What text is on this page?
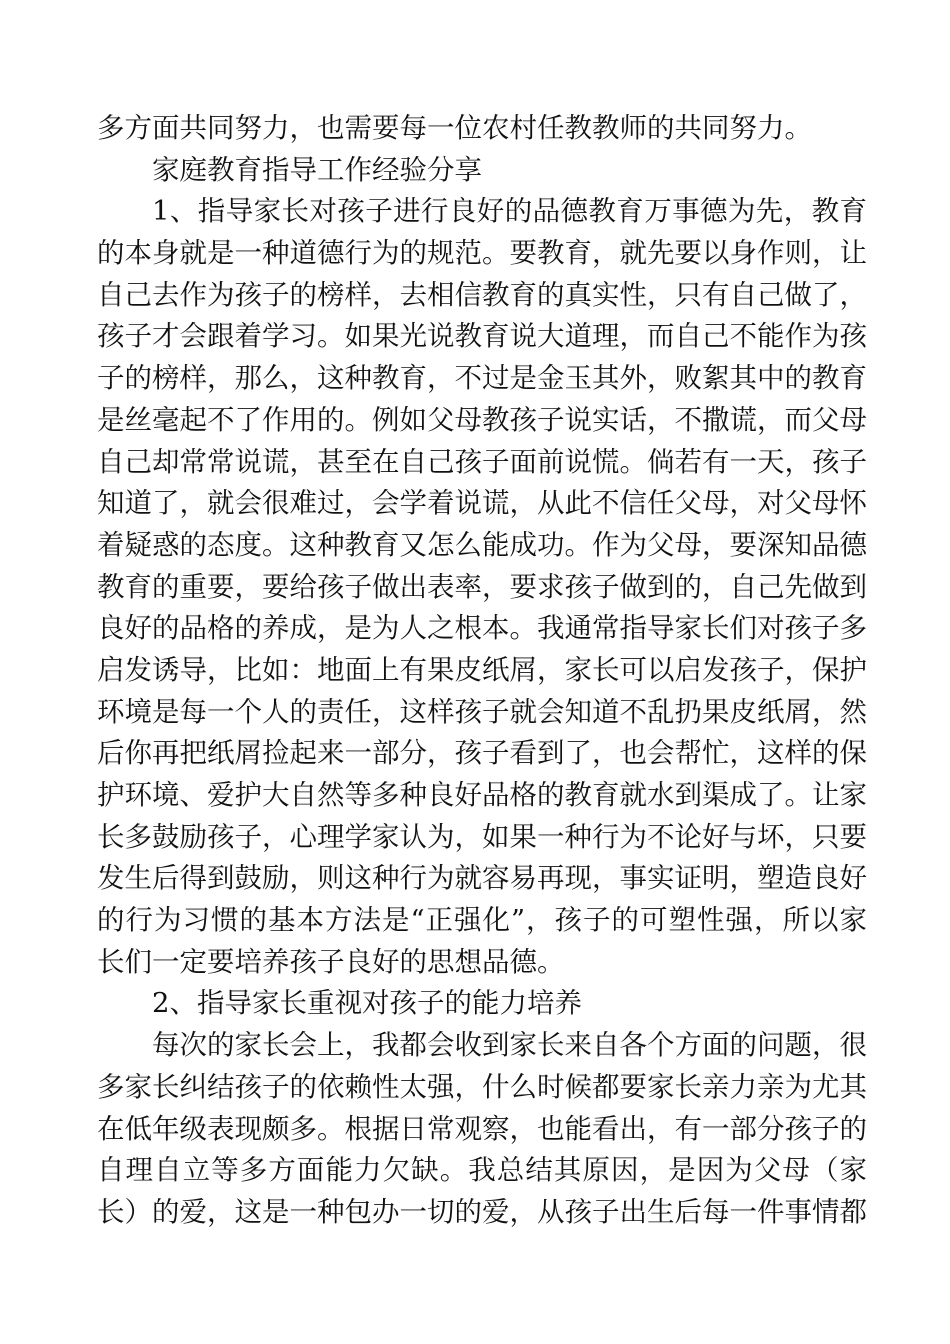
多方面共同努力，也需要每一位农村任教教师的共同努力。
家庭教育指导工作经验分享
1、指导家长对孩子进行良好的品德教育万事德为先，教育
的本身就是一种道德行为的规范。要教育，就先要以身作则，让
自己去作为孩子的榜样，去相信教育的真实性，只有自己做了，
孩子才会跟着学习。如果光说教育说大道理，而自己不能作为孩
子的榜样，那么，这种教育，不过是金玉其外，败絮其中的教育
是丝毫起不了作用的。例如父母教孩子说实话，不撒谎，而父母
自己却常常说谎，甚至在自己孩子面前说慌。倘若有一天，孩子
知道了，就会很难过，会学着说谎，从此不信任父母，对父母怀
着疑惑的态度。这种教育又怎么能成功。作为父母，要深知品德
教育的重要，要给孩子做出表率，要求孩子做到的，自己先做到
良好的品格的养成，是为人之根本。我通常指导家长们对孩子多
启发诱导，比如：地面上有果皮纸屑，家长可以启发孩子，保护
环境是每一个人的责任，这样孩子就会知道不乱扔果皮纸屑，然
后你再把纸屑捡起来一部分，孩子看到了，也会帮忙，这样的保
护环境、爱护大自然等多种良好品格的教育就水到渠成了。让家
长多鼓励孩子，心理学家认为，如果一种行为不论好与坏，只要
发生后得到鼓励，则这种行为就容易再现，事实证明，塑造良好
的行为习惯的基本方法是“正强化”，孩子的可塑性强，所以家
长们一定要培养孩子良好的思想品德。
2、指导家长重视对孩子的能力培养
每次的家长会上，我都会收到家长来自各个方面的问题，很
多家长纠结孩子的依赖性太强，什么时候都要家长亲力亲为尤其
在低年级表现颇多。根据日常观察，也能看出，有一部分孩子的
自理自立等多方面能力欠缺。我总结其原因，是因为父母（家
长）的爱，这是一种包办一切的爱，从孩子出生后每一件事情都
